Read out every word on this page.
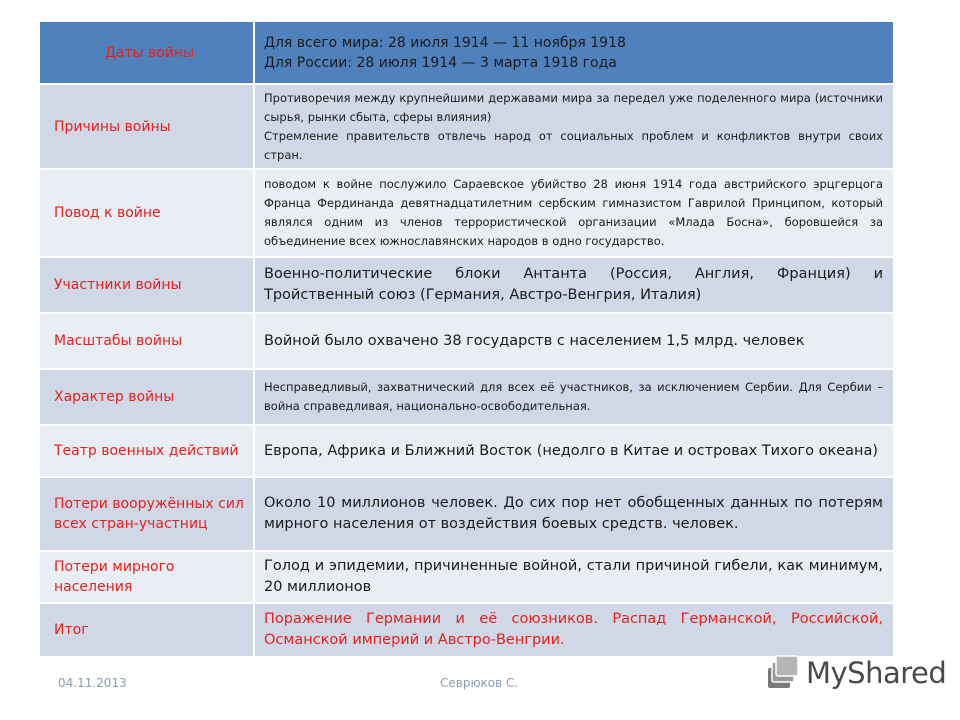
Даты войны	Для всего мира: 28 июля 1914 — 11 ноября 1918
Для России: 28 июля 1914 — 3 марта 1918 года

Причины войны	Противоречия между крупнейшими державами мира за передел уже поделенного мира (источники сырья, рынки сбыта, сферы влияния)
Стремление правительств отвлечь народ от социальных проблем и конфликтов внутри своих стран.

Повод к войне	поводом к войне послужило Сараевское убийство 28 июня 1914 года австрийского эрцгерцога Франца Фердинанда девятнадцатилетним сербским гимназистом Гаврилой Принципом, который являлся одним из членов террористической организации «Млада Босна», боровшейся за объединение всех южнославянских народов в одно государство.
Участники войны	Военно-политические блоки Антанта (Россия, Англия, Франция) и Тройственный союз (Германия, Австро-Венгрия, Италия)
Масштабы войны	Войной было охвачено 38 государств с населением 1,5 млрд. человек
Характер войны	Несправедливый, захватнический для всех её участников, за исключением Сербии. Для Сербии – война справедливая, национально-освободительная.
Театр военных действий	Европа, Африка и Ближний Восток (недолго в Китае и островах Тихого океана)
Потери вооружённых сил всех стран-участниц	Около 10 миллионов человек. До сих пор нет обобщенных данных по потерям мирного населения от воздействия боевых средств. человек.
Потери мирного населения	Голод и эпидемии, причиненные войной, стали причиной гибели, как минимум, 20 миллионов
Итог	Поражение Германии и её союзников. Распад Германской, Российской, Османской империй и Австро-Венгрии.
04.11.2013	Севрюков С.	MyShared
